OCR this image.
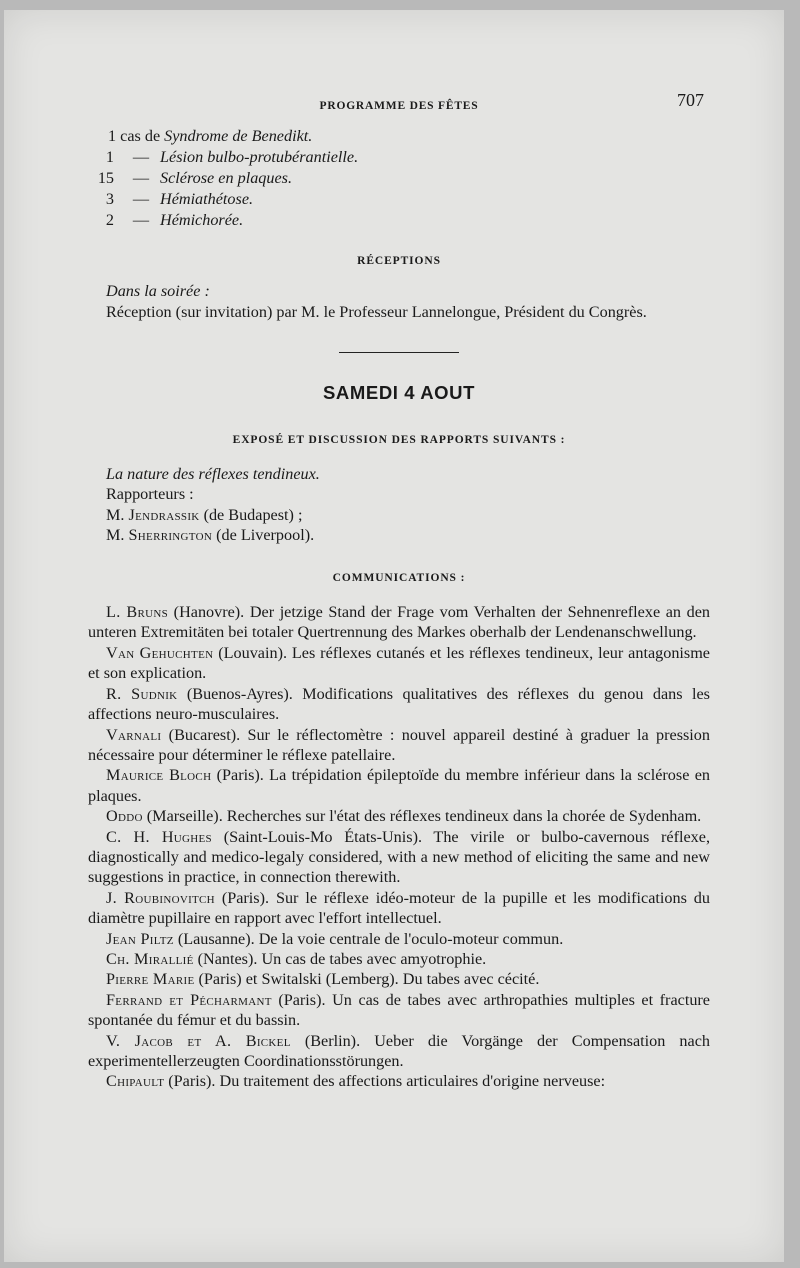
PROGRAMME DES FÊTES	707
1 cas de Syndrome de Benedikt.
1	— Lésion bulbo-protubérantielle.
15	— Sclérose en plaques.
3	— Hémiathétose.
2	— Hémichorée.
RÉCEPTIONS
Dans la soirée :
Réception (sur invitation) par M. le Professeur Lannelongue, Président du Congrès.
SAMEDI 4 AOUT
EXPOSÉ ET DISCUSSION DES RAPPORTS SUIVANTS :
La nature des réflexes tendineux.
Rapporteurs :
M. Jendrassik (de Budapest) ;
M. Sherrington (de Liverpool).
COMMUNICATIONS :

L. Bruns (Hanovre). Der jetzige Stand der Frage vom Verhalten der Sehnenreflexe an den unteren Extremitäten bei totaler Quertrennung des Markes oberhalb der Lendenanschwellung.

Van Gehuchten (Louvain). Les réflexes cutanés et les réflexes tendineux, leur antagonisme et son explication.

R. Sudnik (Buenos-Ayres). Modifications qualitatives des réflexes du genou dans les affections neuro-musculaires.

Varnali (Bucarest). Sur le réflectomètre : nouvel appareil destiné à graduer la pression nécessaire pour déterminer le réflexe patellaire.

Maurice Bloch (Paris). La trépidation épileptoïde du membre inférieur dans la sclérose en plaques.

Oddo (Marseille). Recherches sur l'état des réflexes tendineux dans la chorée de Sydenham.

C. H. Hughes (Saint-Louis-Mo États-Unis). The virile or bulbo-cavernous réflexe, diagnostically and medico-legaly considered, with a new method of eliciting the same and new suggestions in practice, in connection therewith.

J. Roubinovitch (Paris). Sur le réflexe idéo-moteur de la pupille et les modifications du diamètre pupillaire en rapport avec l'effort intellectuel.

Jean Piltz (Lausanne). De la voie centrale de l'oculo-moteur commun.

Ch. Mirallié (Nantes). Un cas de tabes avec amyotrophie.

Pierre Marie (Paris) et Switalski (Lemberg). Du tabes avec cécité.

Ferrand et Pécharmant (Paris). Un cas de tabes avec arthropathies multiples et fracture spontanée du fémur et du bassin.

V. Jacob et A. Bickel (Berlin). Ueber die Vorgänge der Compensation nach experimentellerzeugten Coordinationsstörungen.

Chipault (Paris). Du traitement des affections articulaires d'origine nerveuse:
